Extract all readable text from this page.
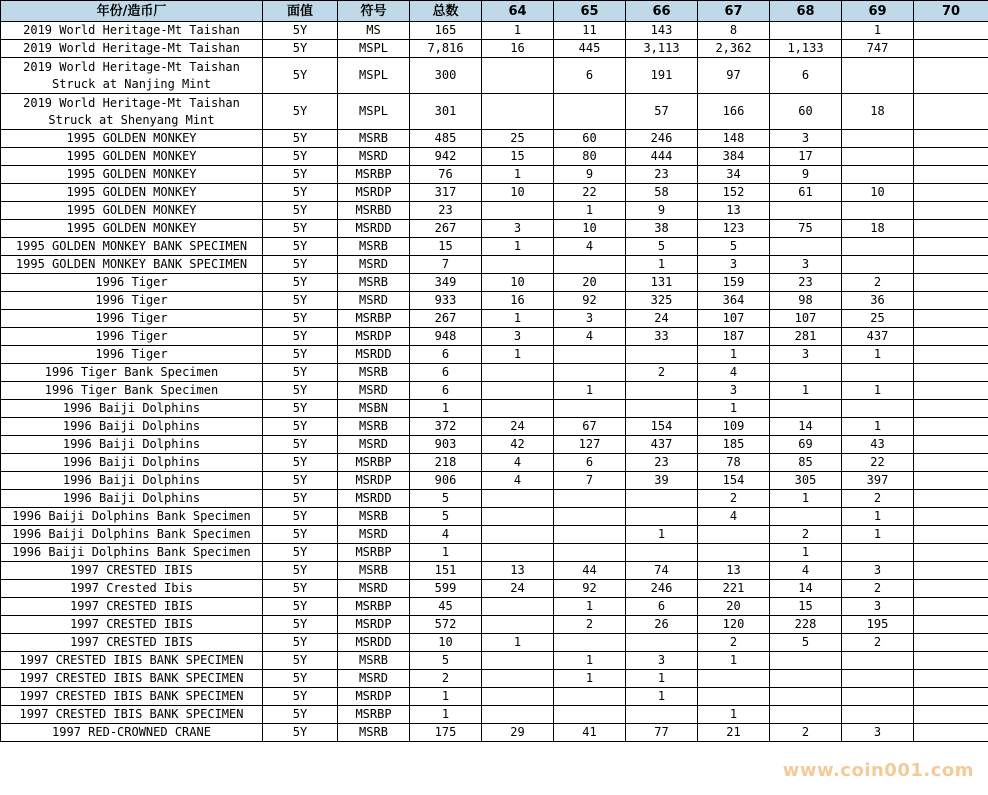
年份/造币厂	面值	符号	总数	64	65	66	67	68	69	70
2019 World Heritage-Mt Taishan	5Y	MS	165	1	11	143	8		1	
2019 World Heritage-Mt Taishan	5Y	MSPL	7,816	16	445	3,113	2,362	1,133	747	
2019 World Heritage-Mt Taishan Struck at Nanjing Mint	5Y	MSPL	300		6	191	97	6		
2019 World Heritage-Mt Taishan Struck at Shenyang Mint	5Y	MSPL	301			57	166	60	18	
1995 GOLDEN MONKEY	5Y	MSRB	485	25	60	246	148	3		
1995 GOLDEN MONKEY	5Y	MSRD	942	15	80	444	384	17		
1995 GOLDEN MONKEY	5Y	MSRBP	76	1	9	23	34	9		
1995 GOLDEN MONKEY	5Y	MSRDP	317	10	22	58	152	61	10	
1995 GOLDEN MONKEY	5Y	MSRBD	23		1	9	13			
1995 GOLDEN MONKEY	5Y	MSRDD	267	3	10	38	123	75	18	
1995 GOLDEN MONKEY BANK SPECIMEN	5Y	MSRB	15	1	4	5	5			
1995 GOLDEN MONKEY BANK SPECIMEN	5Y	MSRD	7			1	3	3		
1996 Tiger	5Y	MSRB	349	10	20	131	159	23	2	
1996 Tiger	5Y	MSRD	933	16	92	325	364	98	36	
1996 Tiger	5Y	MSRBP	267	1	3	24	107	107	25	
1996 Tiger	5Y	MSRDP	948	3	4	33	187	281	437	
1996 Tiger	5Y	MSRDD	6	1			1	3	1	
1996 Tiger Bank Specimen	5Y	MSRB	6			2	4			
1996 Tiger Bank Specimen	5Y	MSRD	6		1		3	1	1	
1996 Baiji Dolphins	5Y	MSBN	1				1			
1996 Baiji Dolphins	5Y	MSRB	372	24	67	154	109	14	1	
1996 Baiji Dolphins	5Y	MSRD	903	42	127	437	185	69	43	
1996 Baiji Dolphins	5Y	MSRBP	218	4	6	23	78	85	22	
1996 Baiji Dolphins	5Y	MSRDP	906	4	7	39	154	305	397	
1996 Baiji Dolphins	5Y	MSRDD	5				2	1	2	
1996 Baiji Dolphins Bank Specimen	5Y	MSRB	5				4		1	
1996 Baiji Dolphins Bank Specimen	5Y	MSRD	4			1		2	1	
1996 Baiji Dolphins Bank Specimen	5Y	MSRBP	1					1		
1997 CRESTED IBIS	5Y	MSRB	151	13	44	74	13	4	3	
1997 Crested Ibis	5Y	MSRD	599	24	92	246	221	14	2	
1997 CRESTED IBIS	5Y	MSRBP	45		1	6	20	15	3	
1997 CRESTED IBIS	5Y	MSRDP	572		2	26	120	228	195	
1997 CRESTED IBIS	5Y	MSRDD	10	1			2	5	2	
1997 CRESTED IBIS BANK SPECIMEN	5Y	MSRB	5		1	3	1			
1997 CRESTED IBIS BANK SPECIMEN	5Y	MSRD	2		1	1				
1997 CRESTED IBIS BANK SPECIMEN	5Y	MSRDP	1			1				
1997 CRESTED IBIS BANK SPECIMEN	5Y	MSRBP	1				1			
1997 RED-CROWNED CRANE	5Y	MSRB	175	29	41	77	21	2	3	
www.coin001.com
